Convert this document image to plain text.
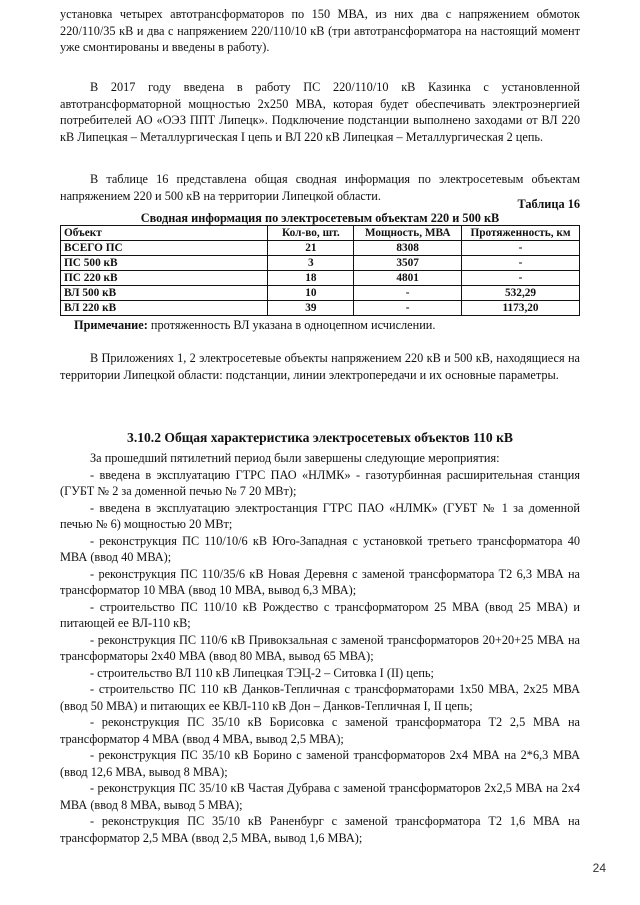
установка четырех автотрансформаторов по 150 МВА, из них два с напряжением обмоток 220/110/35 кВ и два с напряжением 220/110/10 кВ (три автотрансформатора на настоящий момент уже смонтированы и введены в работу).

В 2017 году введена в работу ПС 220/110/10 кВ Казинка с установленной автотрансформаторной мощностью 2х250 МВА, которая будет обеспечивать электроэнергией потребителей АО «ОЭЗ ППТ Липецк». Подключение подстанции выполнено заходами от ВЛ 220 кВ Липецкая – Металлургическая I цепь и ВЛ 220 кВ Липецкая – Металлургическая 2 цепь.

В таблице 16 представлена общая сводная информация по электросетевым объектам напряжением 220 и 500 кВ на территории Липецкой области.

Таблица 16
Сводная информация по электросетевым объектам 220 и 500 кВ
Объект	Кол-во, шт.	Мощность, МВА	Протяженность, км
ВСЕГО ПС	21	8308	-
ПС 500 кВ	3	3507	-
ПС 220 кВ	18	4801	-
ВЛ 500 кВ	10	-	532,29
ВЛ 220 кВ	39	-	1173,20

Примечание: протяженность ВЛ указана в одноцепном исчислении.

В Приложениях 1, 2 электросетевые объекты напряжением 220 кВ и 500 кВ, находящиеся на территории Липецкой области: подстанции, линии электропередачи и их основные параметры.

3.10.2 Общая характеристика электросетевых объектов 110 кВ

За прошедший пятилетний период были завершены следующие мероприятия:

- введена в эксплуатацию ГТРС ПАО «НЛМК» - газотурбинная расширительная станция (ГУБТ № 2 за доменной печью № 7 20 МВт);

- введена в эксплуатацию электростанция ГТРС ПАО «НЛМК» (ГУБТ № 1 за доменной печью № 6) мощностью 20 МВт;

- реконструкция ПС 110/10/6 кВ Юго-Западная с установкой третьего трансформатора 40 МВА (ввод 40 МВА);

- реконструкция ПС 110/35/6 кВ Новая Деревня с заменой трансформатора Т2 6,3 МВА на трансформатор 10 МВА (ввод 10 МВА, вывод 6,3 МВА);

- строительство ПС 110/10 кВ Рождество с трансформатором 25 МВА (ввод 25 МВА) и питающей ее ВЛ-110 кВ;

- реконструкция ПС 110/6 кВ Привокзальная с заменой трансформаторов 20+20+25 МВА на трансформаторы 2х40 МВА (ввод 80 МВА, вывод 65 МВА);

- строительство ВЛ 110 кВ Липецкая ТЭЦ-2 – Ситовка I (II) цепь;

- строительство ПС 110 кВ Данков-Тепличная с трансформаторами 1х50 МВА, 2х25 МВА (ввод 50 МВА) и питающих ее КВЛ-110 кВ Дон – Данков-Тепличная I, II цепь;

- реконструкция ПС 35/10 кВ Борисовка с заменой трансформатора Т2 2,5 МВА на трансформатор 4 МВА (ввод 4 МВА, вывод 2,5 МВА);

- реконструкция ПС 35/10 кВ Борино с заменой трансформаторов 2х4 МВА на 2*6,3 МВА (ввод 12,6 МВА, вывод 8 МВА);

- реконструкция ПС 35/10 кВ Частая Дубрава с заменой трансформаторов 2х2,5 МВА на 2х4 МВА (ввод 8 МВА, вывод 5 МВА);

- реконструкция ПС 35/10 кВ Раненбург с заменой трансформатора Т2 1,6 МВА на трансформатор 2,5 МВА (ввод 2,5 МВА, вывод 1,6 МВА);

24
